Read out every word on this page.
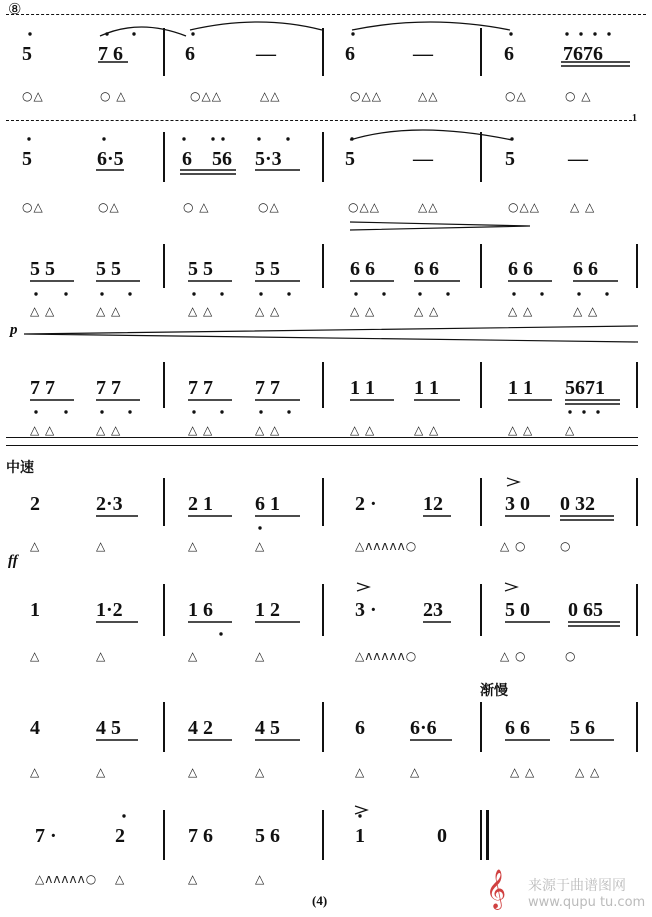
5	7 6	6	—	6	—	6 7676
○△	○ △	○△△	△△	○△△	△△	○△	○ △
5	6·5	6 56 5·3	5	—	5	—
○△	○△	○ △	○△	○△△	△△	○△△	△ △
5 5 5 5	5 5 5 5	6 6 6 6	6 6 6 6
△ △	△ △	△ △	△ △	△ △	△ △	△ △	△ △
7 7 7 7	7 7 7 7	1 1 1 1	1 1 5671
△ △	△ △	△ △	△ △	△ △	△ △	△ △	△
2	2·3	2 1 6 1	2 · 12	3 0 0 32
△	△	△	△	△ʌʌʌʌʌ○	△ ○	○
1	1·2	1 6 1 2	3 · 23	5 0 0 65
△	△	△	△	△ʌʌʌʌʌ○	△ ○	○
4	4 5	4 2 4 5	6 6·6	6 6 5 6
△	△	△	△	△	△	△ △	△ △
7 ·	2	7 6 5 6	1	0
△ʌʌʌʌʌ○ △	△	△
⑧
1
中速
渐慢
p
ff
(4)	𝄞 来源于曲谱图网
www.qupu tu.com
